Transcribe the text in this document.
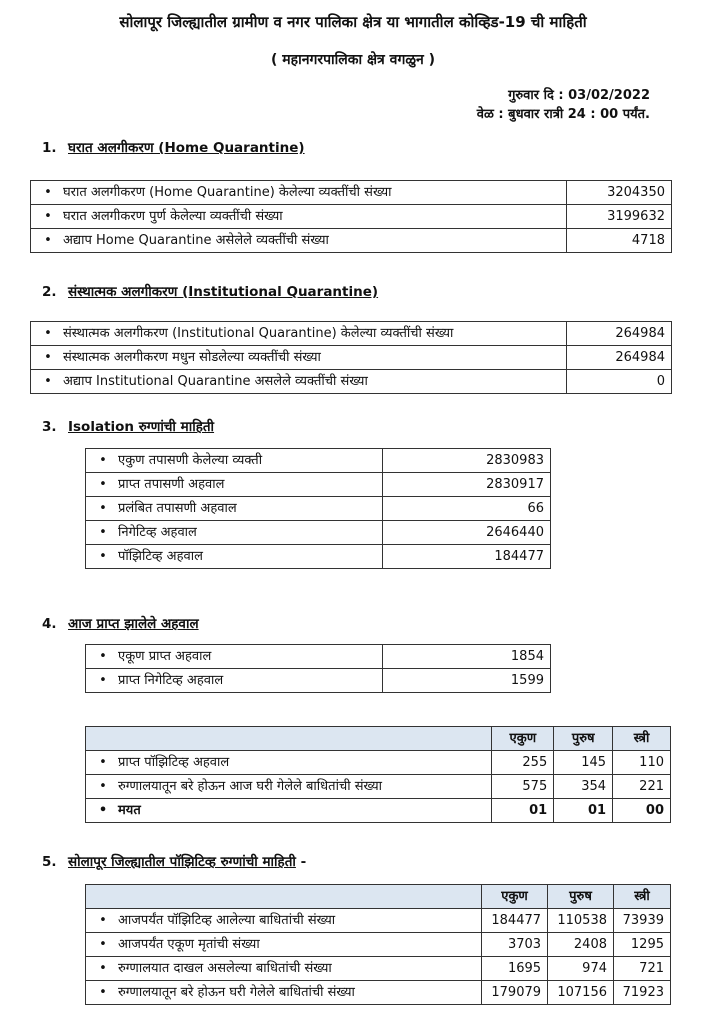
सोलापूर जिल्ह्यातील ग्रामीण व नगर पालिका क्षेत्र या भागातील कोव्हिड-19 ची माहिती
( महानगरपालिका क्षेत्र वगळुन )
गुरुवार दि : 03/02/2022
वेळ : बुधवार रात्री 24 : 00 पर्यंत.
1. घरात अलगीकरण (Home Quarantine)
• घरात अलगीकरण (Home Quarantine) केलेल्या व्यक्तींची संख्या	3204350
• घरात अलगीकरण पुर्ण केलेल्या व्यक्तींची संख्या	3199632
• अद्याप Home Quarantine असेलेले व्यक्तींची संख्या	4718
2. संस्थात्मक अलगीकरण (Institutional Quarantine)
• संस्थात्मक अलगीकरण (Institutional Quarantine) केलेल्या व्यक्तींची संख्या	264984
• संस्थात्मक अलगीकरण मधुन सोडलेल्या व्यक्तींची संख्या	264984
• अद्याप Institutional Quarantine असलेले व्यक्तींची संख्या	0
3. Isolation रुग्णांची माहिती
• एकुण तपासणी केलेल्या व्यक्ती	2830983
• प्राप्त तपासणी अहवाल	2830917
• प्रलंबित तपासणी अहवाल	66
• निगेटिव्ह अहवाल	2646440
• पॉझिटिव्ह अहवाल	184477
4. आज प्राप्त झालेले अहवाल
• एकूण प्राप्त अहवाल	1854
• प्राप्त निगेटिव्ह अहवाल	1599
	एकुण	पुरुष	स्त्री
• प्राप्त पॉझिटिव्ह अहवाल	255	145	110
• रुग्णालयातून बरे होऊन आज घरी गेलेले बाधितांची संख्या	575	354	221
• मयत	01	01	00
5. सोलापूर जिल्ह्यातील पॉझिटिव्ह रुग्णांची माहिती -
	एकुण	पुरुष	स्त्री
• आजपर्यंत पॉझिटिव्ह आलेल्या बाधितांची संख्या	184477	110538	73939
• आजपर्यंत एकूण मृतांची संख्या	3703	2408	1295
• रुग्णालयात दाखल असलेल्या बाधितांची संख्या	1695	974	721
• रुग्णालयातून बरे होऊन घरी गेलेले बाधितांची संख्या	179079	107156	71923
